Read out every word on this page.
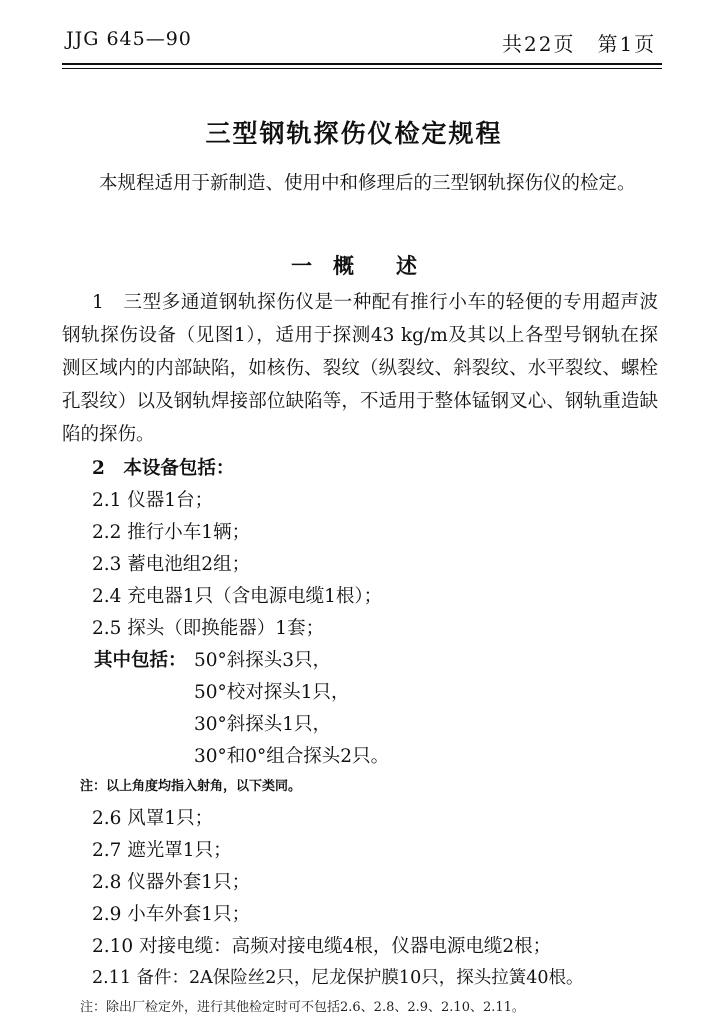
JJG 645—90	共22页　第1页
三型钢轨探伤仪检定规程
本规程适用于新制造、使用中和修理后的三型钢轨探伤仪的检定。
一　概　　述
1　三型多通道钢轨探伤仪是一种配有推行小车的轻便的专用超声波钢轨探伤设备（见图1），适用于探测43 kg/m及其以上各型号钢轨在探测区域内的内部缺陷，如核伤、裂纹（纵裂纹、斜裂纹、水平裂纹、螺栓孔裂纹）以及钢轨焊接部位缺陷等，不适用于整体锰钢叉心、钢轨重造缺陷的探伤。
2　本设备包括：
2.1 仪器1台；
2.2 推行小车1辆；
2.3 蓄电池组2组；
2.4 充电器1只（含电源电缆1根）；
2.5 探头（即换能器）1套；
其中包括： 50°斜探头3只，
50°校对探头1只，
30°斜探头1只，
30°和0°组合探头2只。
注：以上角度均指入射角，以下类同。
2.6 风罩1只；
2.7 遮光罩1只；
2.8 仪器外套1只；
2.9 小车外套1只；
2.10 对接电缆：高频对接电缆4根，仪器电源电缆2根；
2.11 备件：2A保险丝2只，尼龙保护膜10只，探头拉簧40根。
注：除出厂检定外，进行其他检定时可不包括2.6、2.8、2.9、2.10、2.11。
